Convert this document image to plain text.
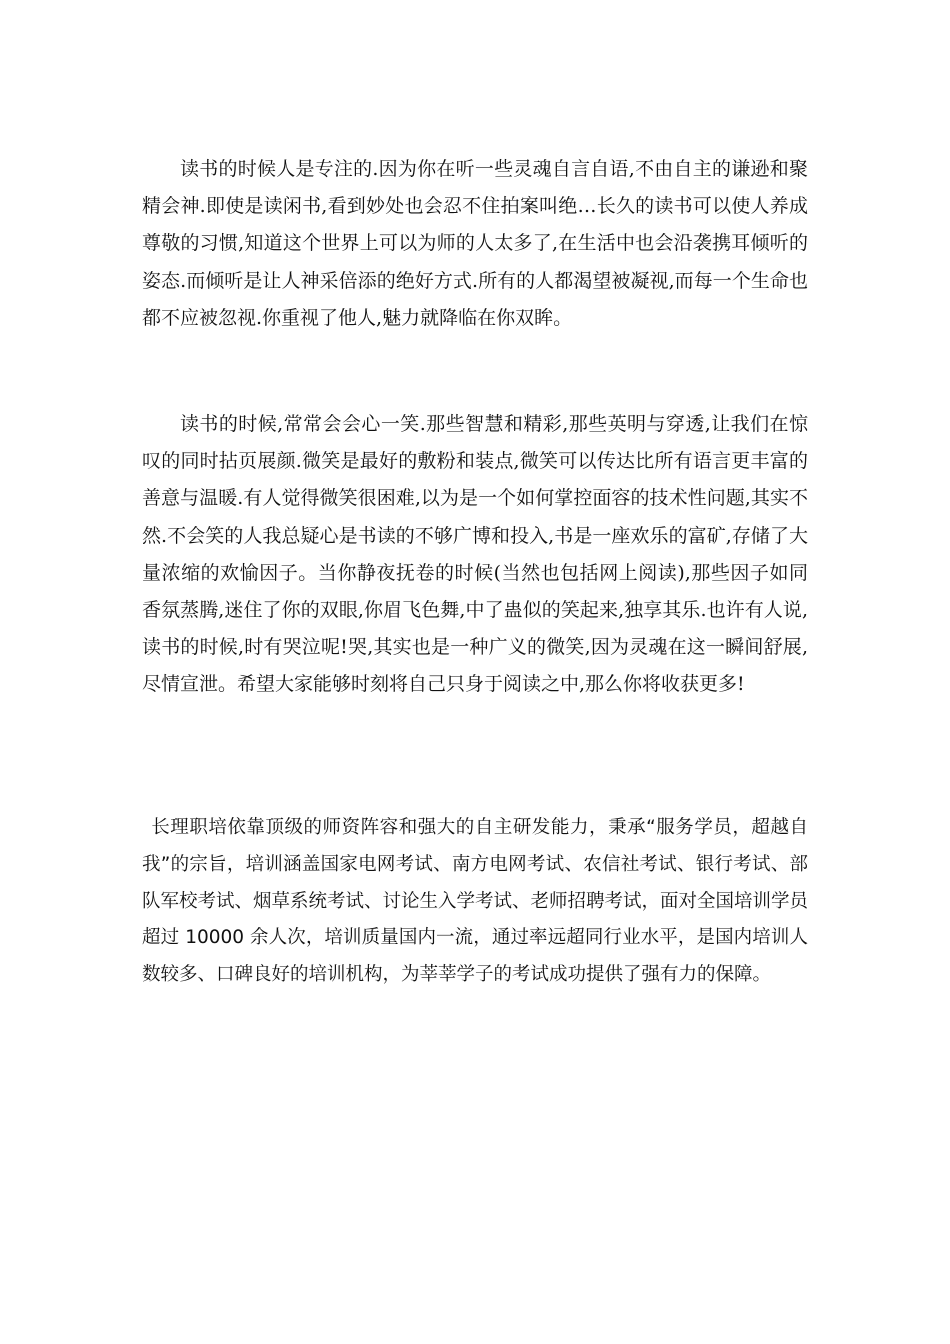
读书的时候人是专注的.因为你在听一些灵魂自言自语,不由自主的谦逊和聚精会神.即使是读闲书,看到妙处也会忍不住拍案叫绝…长久的读书可以使人养成尊敬的习惯,知道这个世界上可以为师的人太多了,在生活中也会沿袭携耳倾听的姿态.而倾听是让人神采倍添的绝好方式.所有的人都渴望被凝视,而每一个生命也都不应被忽视.你重视了他人,魅力就降临在你双眸。

读书的时候,常常会会心一笑.那些智慧和精彩,那些英明与穿透,让我们在惊叹的同时拈页展颜.微笑是最好的敷粉和装点,微笑可以传达比所有语言更丰富的善意与温暖.有人觉得微笑很困难,以为是一个如何掌控面容的技术性问题,其实不然.不会笑的人我总疑心是书读的不够广博和投入,书是一座欢乐的富矿,存储了大量浓缩的欢愉因子。当你静夜抚卷的时候(当然也包括网上阅读),那些因子如同香氛蒸腾,迷住了你的双眼,你眉飞色舞,中了蛊似的笑起来,独享其乐.也许有人说,读书的时候,时有哭泣呢!哭,其实也是一种广义的微笑,因为灵魂在这一瞬间舒展,尽情宣泄。希望大家能够时刻将自己只身于阅读之中,那么你将收获更多!

长理职培依靠顶级的师资阵容和强大的自主研发能力，秉承“服务学员，超越自我”的宗旨，培训涵盖国家电网考试、南方电网考试、农信社考试、银行考试、部队军校考试、烟草系统考试、讨论生入学考试、老师招聘考试，面对全国培训学员超过 10000 余人次，培训质量国内一流，通过率远超同行业水平，是国内培训人数较多、口碑良好的培训机构，为莘莘学子的考试成功提供了强有力的保障。
